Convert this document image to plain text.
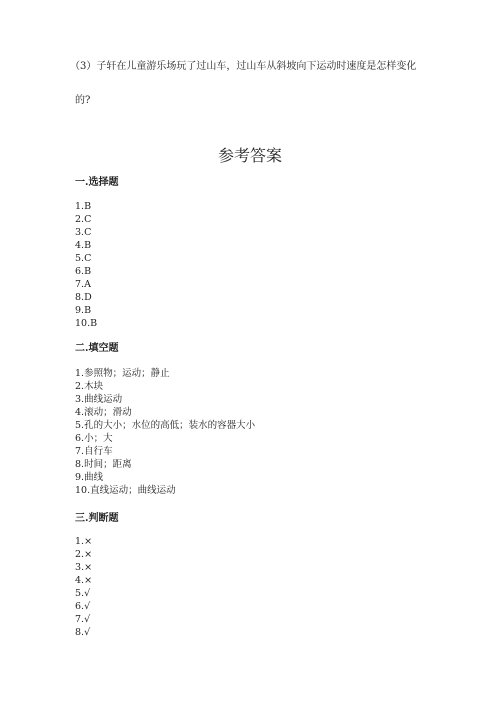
（3）子轩在儿童游乐场玩了过山车，过山车从斜坡向下运动时速度是怎样变化
的?
参考答案
一.选择题
1.B
2.C
3.C
4.B
5.C
6.B
7.A
8.D
9.B
10.B
二.填空题
1.参照物；运动；静止
2.木块
3.曲线运动
4.滚动；滑动
5.孔的大小；水位的高低；装水的容器大小
6.小；大
7.自行车
8.时间；距离
9.曲线
10.直线运动；曲线运动
三.判断题
1.×
2.×
3.×
4.×
5.√
6.√
7.√
8.√
